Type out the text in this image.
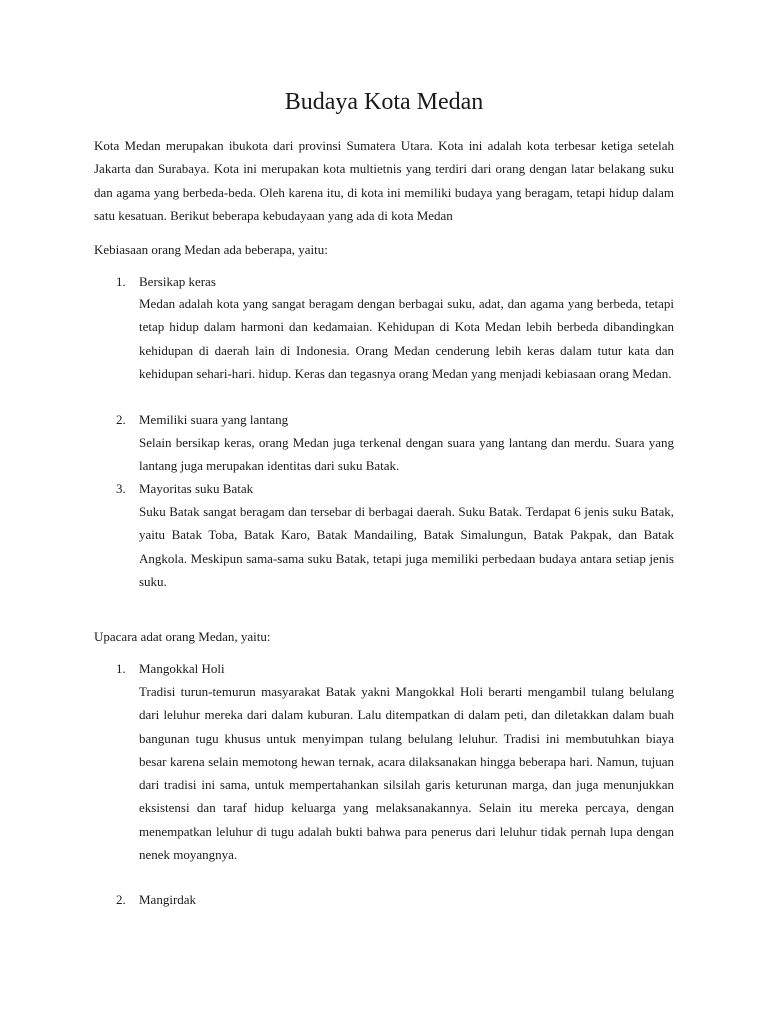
Budaya Kota Medan

Kota Medan merupakan ibukota dari provinsi Sumatera Utara. Kota ini adalah kota terbesar ketiga setelah Jakarta dan Surabaya. Kota ini merupakan kota multietnis yang terdiri dari orang dengan latar belakang suku dan agama yang berbeda-beda. Oleh karena itu, di kota ini memiliki budaya yang beragam, tetapi hidup dalam satu kesatuan. Berikut beberapa kebudayaan yang ada di kota Medan

Kebiasaan orang Medan ada beberapa, yaitu:
1. Bersikap keras

Medan adalah kota yang sangat beragam dengan berbagai suku, adat, dan agama yang berbeda, tetapi tetap hidup dalam harmoni dan kedamaian. Kehidupan di Kota Medan lebih berbeda dibandingkan kehidupan di daerah lain di Indonesia. Orang Medan cenderung lebih keras dalam tutur kata dan kehidupan sehari-hari. hidup. Keras dan tegasnya orang Medan yang menjadi kebiasaan orang Medan.

2. Memiliki suara yang lantang

Selain bersikap keras, orang Medan juga terkenal dengan suara yang lantang dan merdu. Suara yang lantang juga merupakan identitas dari suku Batak.

3. Mayoritas suku Batak

Suku Batak sangat beragam dan tersebar di berbagai daerah. Suku Batak. Terdapat 6 jenis suku Batak, yaitu Batak Toba, Batak Karo, Batak Mandailing, Batak Simalungun, Batak Pakpak, dan Batak Angkola. Meskipun sama-sama suku Batak, tetapi juga memiliki perbedaan budaya antara setiap jenis suku.

Upacara adat orang Medan, yaitu:
1. Mangokkal Holi

Tradisi turun-temurun masyarakat Batak yakni Mangokkal Holi berarti mengambil tulang belulang dari leluhur mereka dari dalam kuburan. Lalu ditempatkan di dalam peti, dan diletakkan dalam buah bangunan tugu khusus untuk menyimpan tulang belulang leluhur. Tradisi ini membutuhkan biaya besar karena selain memotong hewan ternak, acara dilaksanakan hingga beberapa hari. Namun, tujuan dari tradisi ini sama, untuk mempertahankan silsilah garis keturunan marga, dan juga menunjukkan eksistensi dan taraf hidup keluarga yang melaksanakannya. Selain itu mereka percaya, dengan menempatkan leluhur di tugu adalah bukti bahwa para penerus dari leluhur tidak pernah lupa dengan nenek moyangnya.

2. Mangirdak
